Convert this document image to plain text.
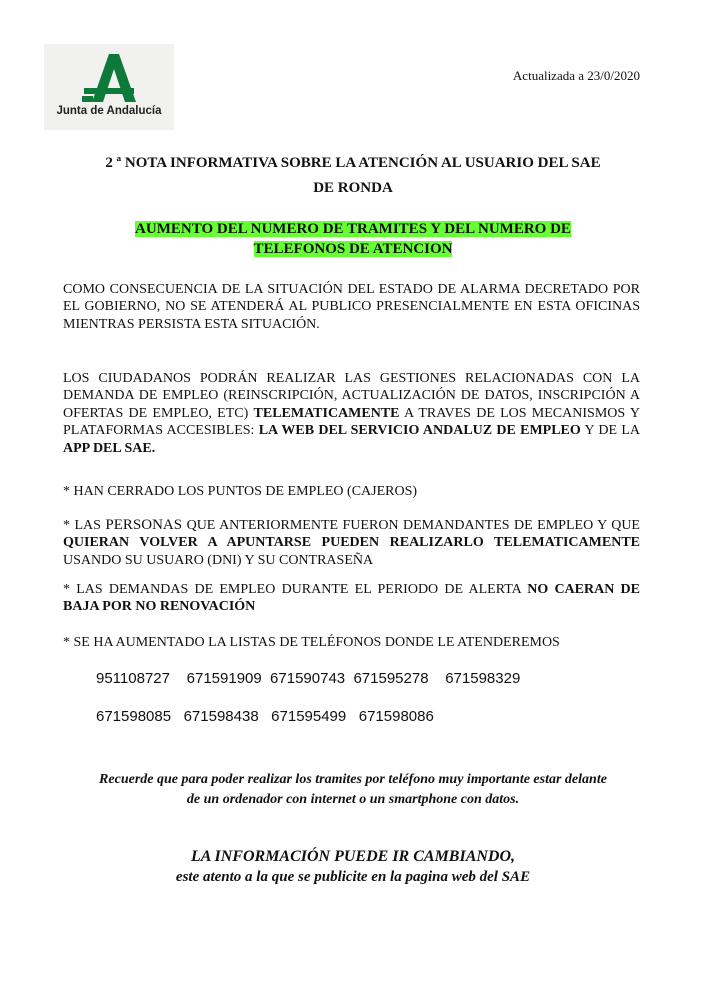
Junta de Andalucía
Actualizada a 23/0/2020
2 ª NOTA INFORMATIVA SOBRE LA ATENCIÓN AL USUARIO DEL SAE
DE RONDA
AUMENTO DEL NUMERO DE TRAMITES Y DEL NUMERO DE
TELEFONOS DE ATENCION
COMO CONSECUENCIA DE LA SITUACIÓN DEL ESTADO DE ALARMA DECRETADO POR EL GOBIERNO, NO SE ATENDERÁ AL PUBLICO PRESENCIALMENTE EN ESTA OFICINAS MIENTRAS PERSISTA ESTA SITUACIÓN.
LOS CIUDADANOS PODRÁN REALIZAR LAS GESTIONES RELACIONADAS CON LA DEMANDA DE EMPLEO (REINSCRIPCIÓN, ACTUALIZACIÓN DE DATOS, INSCRIPCIÓN A OFERTAS DE EMPLEO, ETC) TELEMATICAMENTE A TRAVES DE LOS MECANISMOS Y PLATAFORMAS ACCESIBLES: LA WEB DEL SERVICIO ANDALUZ DE EMPLEO Y DE LA APP DEL SAE.
* HAN CERRADO LOS PUNTOS DE EMPLEO (CAJEROS)
* LAS PERSONAS QUE ANTERIORMENTE FUERON DEMANDANTES DE EMPLEO Y QUE QUIERAN VOLVER A APUNTARSE PUEDEN REALIZARLO TELEMATICAMENTE USANDO SU USUARO (DNI) Y SU CONTRASEÑA
* LAS DEMANDAS DE EMPLEO DURANTE EL PERIODO DE ALERTA NO CAERAN DE BAJA POR NO RENOVACIÓN
* SE HA AUMENTADO LA LISTAS DE TELÉFONOS DONDE LE ATENDEREMOS
951108727    671591909  671590743  671595278    671598329
671598085   671598438   671595499   671598086
Recuerde que para poder realizar los tramites por teléfono muy importante estar delante
de un ordenador con internet o un smartphone con datos.
LA INFORMACIÓN PUEDE IR CAMBIANDO,
este atento a la que se publicite en la pagina web del SAE
